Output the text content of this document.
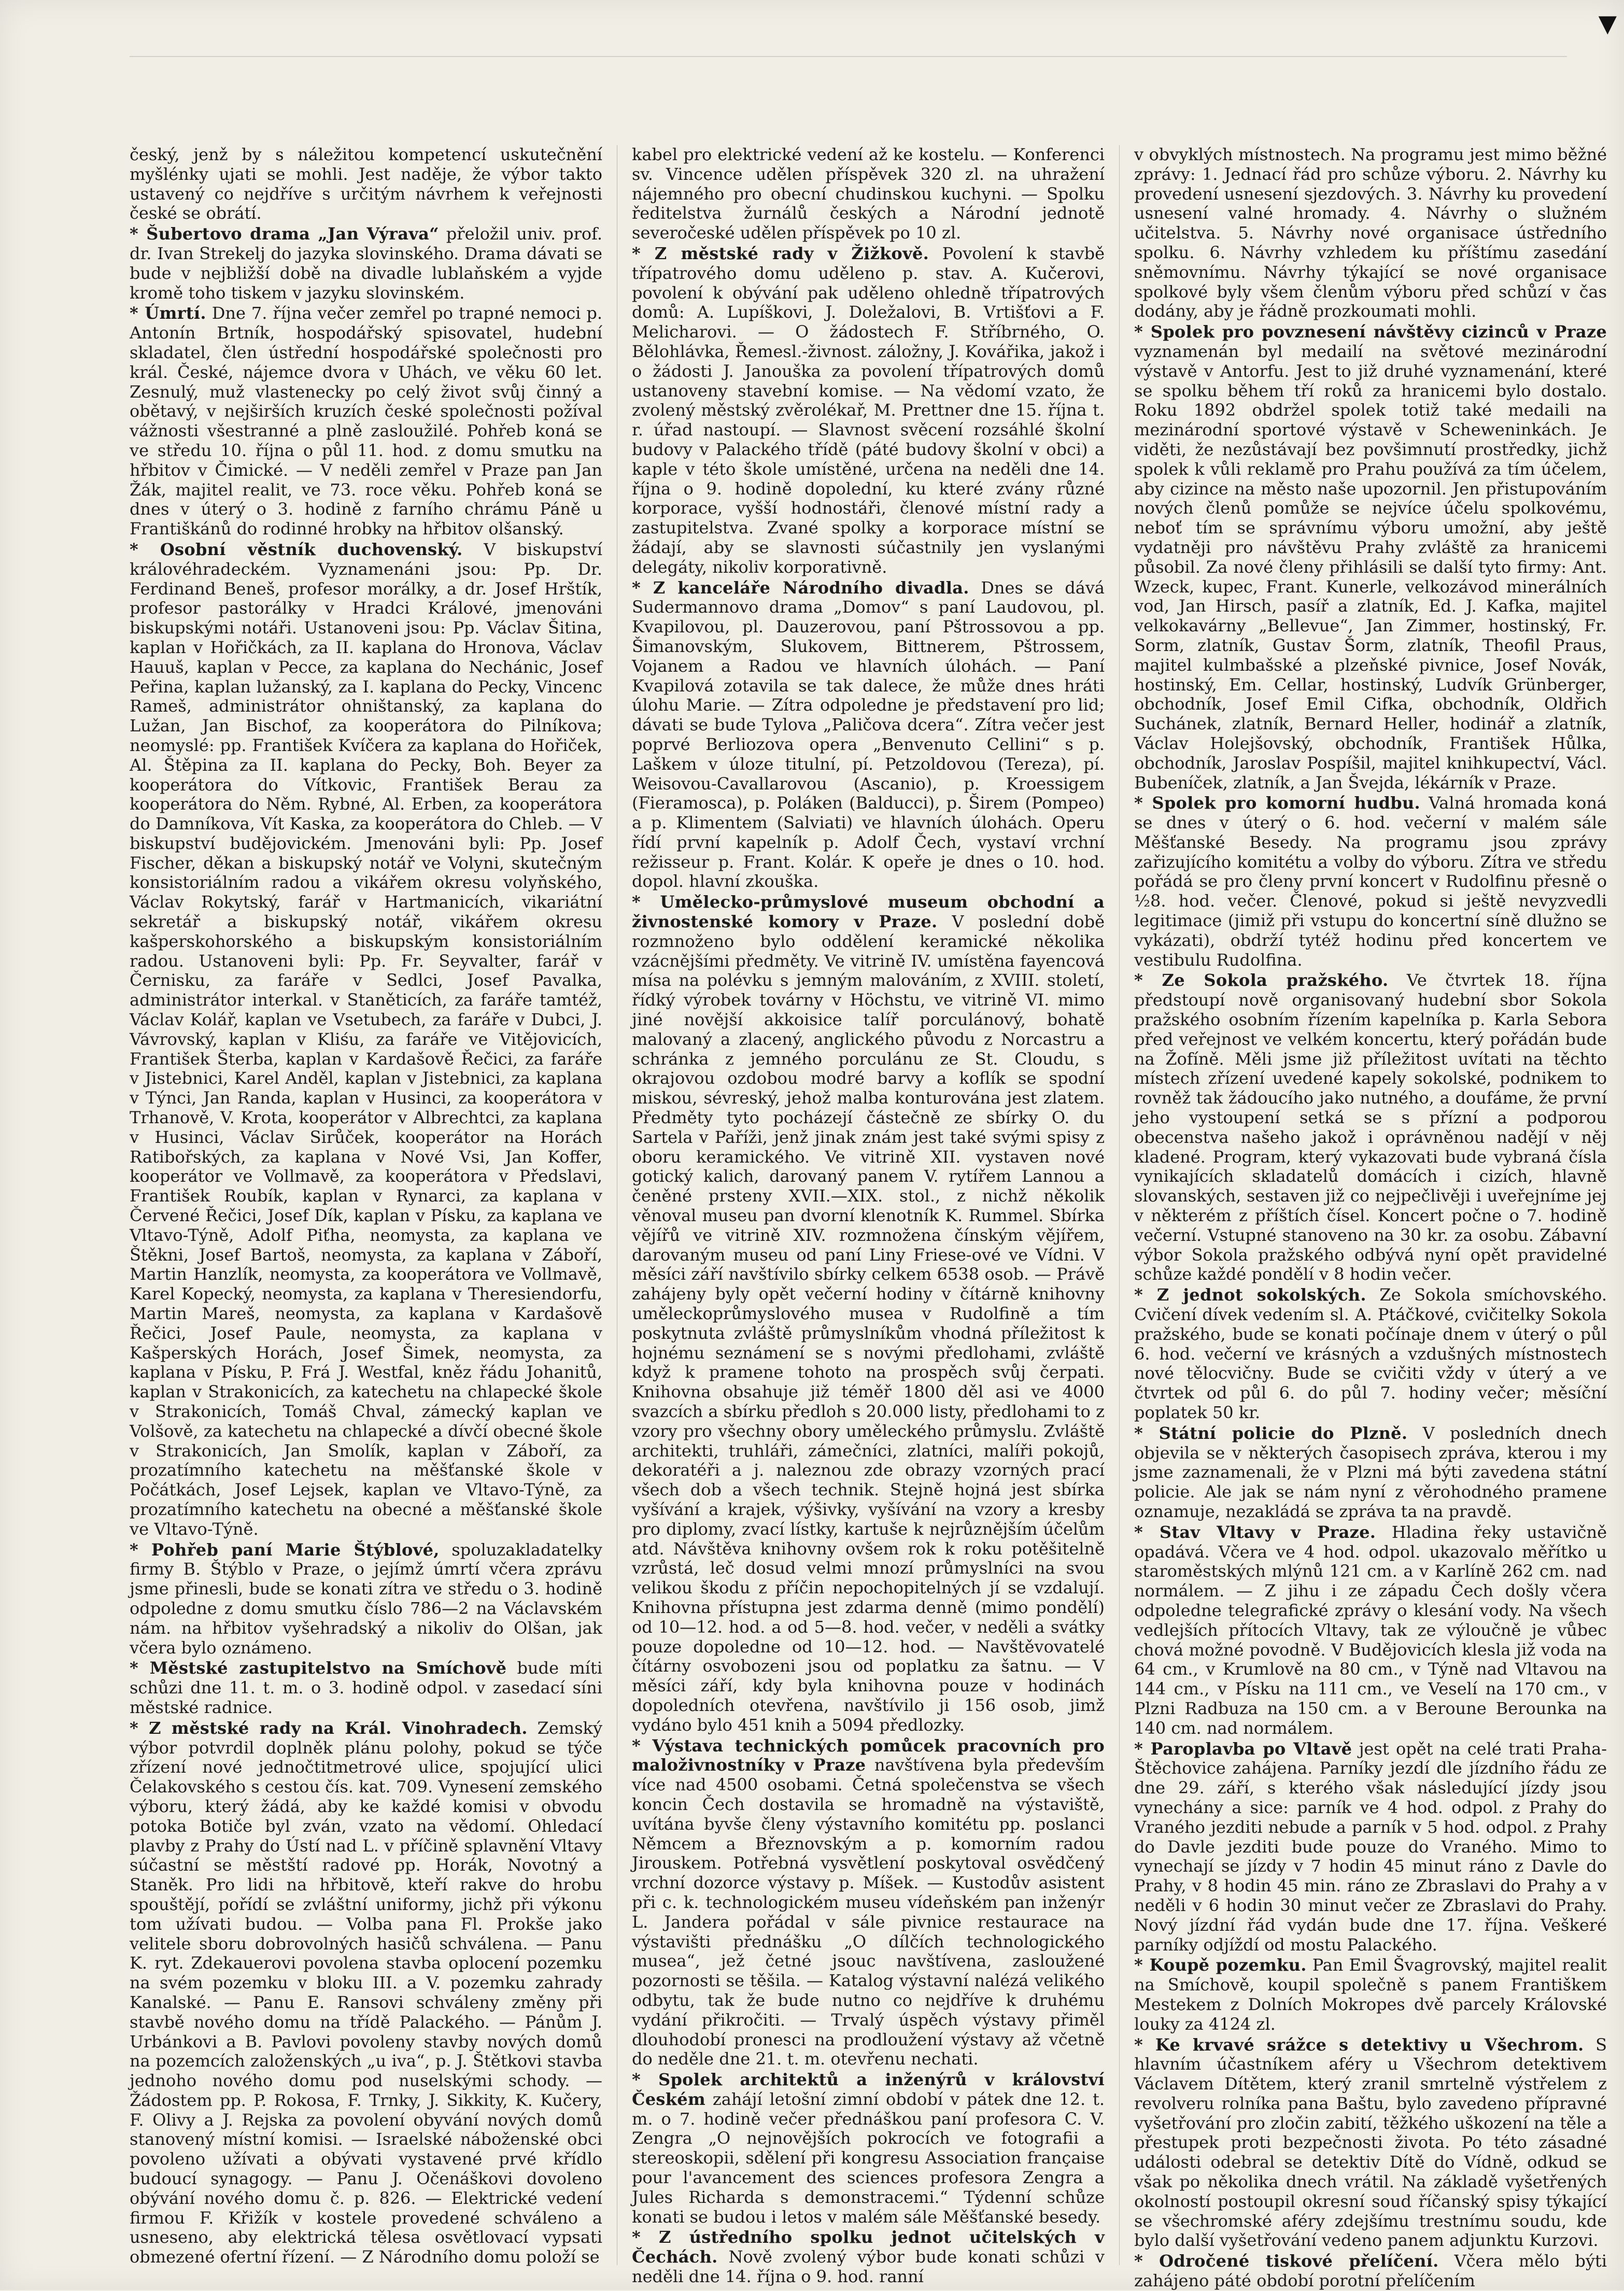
▼

český, jenž by s náležitou kompetencí uskutečnění myšlénky ujati se mohli. Jest naděje, že výbor takto ustavený co nejdříve s určitým návrhem k veřejnosti české se obrátí.

* Šubertovo drama „Jan Výrava“ přeložil univ. prof. dr. Ivan Strekelj do jazyka slovinského. Drama dávati se bude v nejbližší době na divadle lublaňském a vyjde kromě toho tiskem v jazyku slovinském.

* Úmrtí. Dne 7. října večer zemřel po trapné nemoci p. Antonín Brtník, hospodářský spisovatel, hudební skladatel, člen ústřední hospodářské společnosti pro král. České, nájemce dvora v Uhách, ve věku 60 let. Zesnulý, muž vlastenecky po celý život svůj činný a obětavý, v nejširších kruzích české společnosti požíval vážnosti všestranné a plně zasloužilé. Pohřeb koná se ve středu 10. října o půl 11. hod. z domu smutku na hřbitov v Čimické. — V neděli zemřel v Praze pan Jan Žák, majitel realit, ve 73. roce věku. Pohřeb koná se dnes v úterý o 3. hodině z farního chrámu Páně u Františkánů do rodinné hrobky na hřbitov olšanský.

* Osobní věstník duchovenský. V biskupství královéhradeckém. Vyznamenáni jsou: Pp. Dr. Ferdinand Beneš, profesor morálky, a dr. Josef Hrštík, profesor pastorálky v Hradci Králové, jmenováni biskupskými notáři. Ustanoveni jsou: Pp. Václav Šitina, kaplan v Hořičkách, za II. kaplana do Hronova, Václav Hauuš, kaplan v Pecce, za kaplana do Nechánic, Josef Peřina, kaplan lužanský, za I. kaplana do Pecky, Vincenc Rameš, administrátor ohništanský, za kaplana do Lužan, Jan Bischof, za kooperátora do Pilníkova; neomyslé: pp. František Kvíčera za kaplana do Hořiček, Al. Štěpina za II. kaplana do Pecky, Boh. Beyer za kooperátora do Vítkovic, František Berau za kooperátora do Něm. Rybné, Al. Erben, za kooperátora do Damníkova, Vít Kaska, za kooperátora do Chleb. — V biskupství budějovickém. Jmenováni byli: Pp. Josef Fischer, děkan a biskupský notář ve Volyni, skutečným konsistoriálním radou a vikářem okresu volyňského, Václav Rokytský, farář v Hartmanicích, vikariátní sekretář a biskupský notář, vikářem okresu kašperskohorského a biskupským konsistoriálním radou. Ustanoveni byli: Pp. Fr. Seyvalter, farář v Černisku, za faráře v Sedlci, Josef Pavalka, administrátor interkal. v Staněticích, za faráře tamtéž, Václav Kolář, kaplan ve Vsetubech, za faráře v Dubci, J. Vávrovský, kaplan v Kliśu, za faráře ve Vitějovicích, František Šterba, kaplan v Kardašově Řečici, za faráře v Jistebnici, Karel Anděl, kaplan v Jistebnici, za kaplana v Týnci, Jan Randa, kaplan v Husinci, za kooperátora v Trhanově, V. Krota, kooperátor v Albrechtci, za kaplana v Husinci, Václav Sirůček, kooperátor na Horách Ratibořských, za kaplana v Nové Vsi, Jan Koffer, kooperátor ve Vollmavě, za kooperátora v Předslavi, František Roubík, kaplan v Rynarci, za kaplana v Červené Řečici, Josef Dík, kaplan v Písku, za kaplana ve Vltavo-Týně, Adolf Piťha, neomysta, za kaplana ve Štěkni, Josef Bartoš, neomysta, za kaplana v Záboří, Martin Hanzlík, neomysta, za kooperátora ve Vollmavě, Karel Kopecký, neomysta, za kaplana v Theresiendorfu, Martin Mareš, neomysta, za kaplana v Kardašově Řečici, Josef Paule, neomysta, za kaplana v Kašperských Horách, Josef Šimek, neomysta, za kaplana v Písku, P. Frá J. Westfal, kněz řádu Johanitů, kaplan v Strakonicích, za katechetu na chlapecké škole v Strakonicích, Tomáš Chval, zámecký kaplan ve Volšově, za katechetu na chlapecké a dívčí obecné škole v Strakonicích, Jan Smolík, kaplan v Záboří, za prozatímního katechetu na měšťanské škole v Počátkách, Josef Lejsek, kaplan ve Vltavo-Týně, za prozatímního katechetu na obecné a měšťanské škole ve Vltavo-Týně.

* Pohřeb paní Marie Štýblové, spoluzakladatelky firmy B. Štýblo v Praze, o jejímž úmrtí včera zprávu jsme přinesli, bude se konati zítra ve středu o 3. hodině odpoledne z domu smutku číslo 786—2 na Václavském nám. na hřbitov vyšehradský a nikoliv do Olšan, jak včera bylo oznámeno.

* Městské zastupitelstvo na Smíchově bude míti schůzi dne 11. t. m. o 3. hodině odpol. v zasedací síni městské radnice.

* Z městské rady na Král. Vinohradech. Zemský výbor potvrdil doplněk plánu polohy, pokud se týče zřízení nové jednočtitmetrové ulice, spojující ulici Čelakovského s cestou čís. kat. 709. Vynesení zemského výboru, který žádá, aby ke každé komisi v obvodu potoka Botiče byl zván, vzato na vědomí. Ohledací plavby z Prahy do Ústí nad L. v příčině splavnění Vltavy súčastní se městští radové pp. Horák, Novotný a Staněk. Pro lidi na hřbitově, kteří rakve do hrobu spouštějí, pořídí se zvláštní uniformy, jichž při výkonu tom užívati budou. — Volba pana Fl. Prokše jako velitele sboru dobrovolných hasičů schválena. — Panu K. ryt. Zdekauerovi povolena stavba oplocení pozemku na svém pozemku v bloku III. a V. pozemku zahrady Kanalské. — Panu E. Ransovi schváleny změny při stavbě nového domu na třídě Palackého. — Pánům J. Urbánkovi a B. Pavlovi povoleny stavby nových domů na pozemcích založenských „u iva“, p. J. Štětkovi stavba jednoho nového domu pod nuselskými schody. — Žádostem pp. P. Rokosa, F. Trnky, J. Sikkity, K. Kučery, F. Olivy a J. Rejska za povolení obyvání nových domů stanovený místní komisi. — Israelské náboženské obci povoleno užívati a obývati vystavené prvé křídlo budoucí synagogy. — Panu J. Očenáškovi dovoleno obývání nového domu č. p. 826. — Elektrické vedení firmou F. Křižík v kostele provedené schváleno a usneseno, aby elektrická tělesa osvětlovací vypsati obmezené ofertní řízení. — Z Národního domu položí se

kabel pro elektrické vedení až ke kostelu. — Konferenci sv. Vincence udělen příspěvek 320 zl. na uhražení nájemného pro obecní chudinskou kuchyni. — Spolku ředitelstva žurnálů českých a Národní jednotě severočeské udělen příspěvek po 10 zl.

* Z městské rady v Žižkově. Povolení k stavbě třípatrového domu uděleno p. stav. A. Kučerovi, povolení k obývání pak uděleno ohledně třípatrových domů: A. Lupíškovi, J. Doležalovi, B. Vrtišťovi a F. Melicharovi. — O žádostech F. Stříbrného, O. Bělohlávka, Řemesl.-živnost. záložny, J. Kovářika, jakož i o žádosti J. Janouška za povolení třípatrových domů ustanoveny stavební komise. — Na vědomí vzato, že zvolený městský zvěrolékař, M. Prettner dne 15. října t. r. úřad nastoupí. — Slavnost svěcení rozsáhlé školní budovy v Palackého třídě (páté budovy školní v obci) a kaple v této škole umístěné, určena na neděli dne 14. října o 9. hodině dopolední, ku které zvány různé korporace, vyšší hodnostáři, členové místní rady a zastupitelstva. Zvané spolky a korporace místní se žádají, aby se slavnosti súčastnily jen vyslanými delegáty, nikoliv korporativně.

* Z kanceláře Národního divadla. Dnes se dává Sudermannovo drama „Domov“ s paní Laudovou, pl. Kvapilovou, pl. Dauzerovou, paní Pštrossovou a pp. Šimanovským, Slukovem, Bittnerem, Pštrossem, Vojanem a Radou ve hlavních úlohách. — Paní Kvapilová zotavila se tak dalece, že může dnes hráti úlohu Marie. — Zítra odpoledne je představení pro lid; dávati se bude Tylova „Paličova dcera“. Zítra večer jest poprvé Berliozova opera „Benvenuto Cellini“ s p. Laškem v úloze titulní, pí. Petzoldovou (Tereza), pí. Weisovou-Cavallarovou (Ascanio), p. Kroessigem (Fieramosca), p. Poláken (Balducci), p. Širem (Pompeo) a p. Klimentem (Salviati) ve hlavních úlohách. Operu řídí první kapelník p. Adolf Čech, vystaví vrchní režisseur p. Frant. Kolár. K opeře je dnes o 10. hod. dopol. hlavní zkouška.

* Umělecko-průmyslové museum obchodní a živnostenské komory v Praze. V poslední době rozmnoženo bylo oddělení keramické několika vzácnějšími předměty. Ve vitrině IV. umístěna fayencová mísa na polévku s jemným malováním, z XVIII. století, řídký výrobek továrny v Höchstu, ve vitrině VI. mimo jiné novější akkoisice talíř porculánový, bohatě malovaný a zlacený, anglického původu z Norcastru a schránka z jemného porculánu ze St. Cloudu, s okrajovou ozdobou modré barvy a koflík se spodní miskou, sévreský, jehož malba konturována jest zlatem. Předměty tyto pocházejí částečně ze sbírky O. du Sartela v Paříži, jenž jinak znám jest také svými spisy z oboru keramického. Ve vitrině XII. vystaven nové gotický kalich, darovaný panem V. rytířem Lannou a čeněné prsteny XVII.—XIX. stol., z nichž několik věnoval museu pan dvorní klenotník K. Rummel. Sbírka vějířů ve vitrině XIV. rozmnožena čínským vějířem, darovaným museu od paní Liny Friese-ové ve Vídni. V měsíci září navštívilo sbírky celkem 6538 osob. — Právě zahájeny byly opět večerní hodiny v čítárně knihovny uměleckoprůmyslového musea v Rudolfině a tím poskytnuta zvláště průmyslníkům vhodná příležitost k hojnému seznámení se s novými předlohami, zvláště když k pramene tohoto na prospěch svůj čerpati. Knihovna obsahuje již téměř 1800 děl asi ve 4000 svazcích a sbírku předloh s 20.000 listy, předlohami to z vzory pro všechny obory uměleckého průmyslu. Zvláště architekti, truhláři, zámečníci, zlatníci, malíři pokojů, dekoratéři a j. naleznou zde obrazy vzorných prací všech dob a všech technik. Stejně hojná jest sbírka vyšívání a krajek, výšivky, vyšívání na vzory a kresby pro diplomy, zvací lístky, kartuše k nejrůznějším účelům atd. Návštěva knihovny ovšem rok k roku potěšitelně vzrůstá, leč dosud velmi mnozí průmyslníci na svou velikou škodu z příčin nepochopitelných jí se vzdalují. Knihovna přístupna jest zdarma denně (mimo pondělí) od 10—12. hod. a od 5—8. hod. večer, v neděli a svátky pouze dopoledne od 10—12. hod. — Navštěvovatelé čítárny osvobozeni jsou od poplatku za šatnu. — V měsíci září, kdy byla knihovna pouze v hodinách dopoledních otevřena, navštívilo ji 156 osob, jimž vydáno bylo 451 knih a 5094 předlozky.

* Výstava technických pomůcek pracovních pro maloživnostníky v Praze navštívena byla především více nad 4500 osobami. Četná společenstva se všech koncin Čech dostavila se hromadně na výstaviště, uvítána byvše členy výstavního komitétu pp. poslanci Němcem a Březnovským a p. komorním radou Jirouskem. Potřebná vysvětlení poskytoval osvědčený vrchní dozorce výstavy p. Míšek. — Kustodův asistent při c. k. technologickém museu vídeňském pan inženýr L. Jandera pořádal v sále pivnice restaurace na výstavišti přednášku „O dílčích technologického musea“, jež četné jsouc navštívena, zasloužené pozornosti se těšila. — Katalog výstavní nalézá velikého odbytu, tak že bude nutno co nejdříve k druhému vydání přikročiti. — Trvalý úspěch výstavy přiměl dlouhodobí pronesci na prodloužení výstavy až včetně do neděle dne 21. t. m. otevřenu nechati.

* Spolek architektů a inženýrů v království Českém zahájí letošní zimní období v pátek dne 12. t. m. o 7. hodině večer přednáškou paní profesora C. V. Zengra „O nejnovějších pokrocích ve fotografii a stereoskopii, sdělení při kongresu Association française pour l'avancement des sciences profesora Zengra a Jules Richarda s demonstracemi.“ Týdenní schůze konati se budou i letos v malém sále Měšťanské besedy.

* Z ústředního spolku jednot učitelských v Čechách. Nově zvolený výbor bude konati schůzi v neděli dne 14. října o 9. hod. ranní

v obvyklých místnostech. Na programu jest mimo běžné zprávy: 1. Jednací řád pro schůze výboru. 2. Návrhy ku provedení usnesení sjezdových. 3. Návrhy ku provedení usnesení valné hromady. 4. Návrhy o služném učitelstva. 5. Návrhy nové organisace ústředního spolku. 6. Návrhy vzhledem ku příštímu zasedání sněmovnímu. Návrhy týkající se nové organisace spolkové byly všem členům výboru před schůzí v čas dodány, aby je řádně prozkoumati mohli.

* Spolek pro povznesení návštěvy cizinců v Praze vyznamenán byl medailí na světové mezinárodní výstavě v Antorfu. Jest to již druhé vyznamenání, které se spolku během tří roků za hranicemi bylo dostalo. Roku 1892 obdržel spolek totiž také medaili na mezinárodní sportové výstavě v Scheweninkách. Je viděti, že nezůstávají bez povšimnutí prostředky, jichž spolek k vůli reklamě pro Prahu používá za tím účelem, aby cizince na město naše upozornil. Jen přistupováním nových členů pomůže se nejvíce účelu spolkovému, neboť tím se správnímu výboru umožní, aby ještě vydatněji pro návštěvu Prahy zvláště za hranicemi působil. Za nové členy přihlásili se další tyto firmy: Ant. Wzeck, kupec, Frant. Kunerle, velkozávod minerálních vod, Jan Hirsch, pasíř a zlatník, Ed. J. Kafka, majitel velkokavárny „Bellevue“, Jan Zimmer, hostinský, Fr. Sorm, zlatník, Gustav Šorm, zlatník, Theofil Praus, majitel kulmbašské a plzeňské pivnice, Josef Novák, hostinský, Em. Cellar, hostinský, Ludvík Grünberger, obchodník, Josef Emil Cifka, obchodník, Oldřich Suchánek, zlatník, Bernard Heller, hodinář a zlatník, Václav Holejšovský, obchodník, František Hůlka, obchodník, Jaroslav Pospíšil, majitel knihkupectví, Václ. Bubeníček, zlatník, a Jan Švejda, lékárník v Praze.

* Spolek pro komorní hudbu. Valná hromada koná se dnes v úterý o 6. hod. večerní v malém sále Měšťanské Besedy. Na programu jsou zprávy zařizujícího komitétu a volby do výboru. Zítra ve středu pořádá se pro členy první koncert v Rudolfinu přesně o ½8. hod. večer. Členové, pokud si ještě nevyzvedli legitimace (jimiž při vstupu do koncertní síně dlužno se vykázati), obdrží tytéž hodinu před koncertem ve vestibulu Rudolfina.

* Ze Sokola pražského. Ve čtvrtek 18. října předstoupí nově organisovaný hudební sbor Sokola pražského osobním řízením kapelníka p. Karla Sebora před veřejnost ve velkém koncertu, který pořádán bude na Žofíně. Měli jsme již příležitost uvítati na těchto místech zřízení uvedené kapely sokolské, podnikem to rovněž tak žádoucího jako nutného, a doufáme, že první jeho vystoupení setká se s přízní a podporou obecenstva našeho jakož i oprávněnou nadějí v něj kladené. Program, který vykazovati bude vybraná čísla vynikajících skladatelů domácích i cizích, hlavně slovanských, sestaven již co nejpečlivěji i uveřejníme jej v některém z příštích čísel. Koncert počne o 7. hodině večerní. Vstupné stanoveno na 30 kr. za osobu. Zábavní výbor Sokola pražského odbývá nyní opět pravidelné schůze každé pondělí v 8 hodin večer.

* Z jednot sokolských. Ze Sokola smíchovského. Cvičení dívek vedením sl. A. Ptáčkové, cvičitelky Sokola pražského, bude se konati počínaje dnem v úterý o půl 6. hod. večerní ve krásných a vzdušných místnostech nové tělocvičny. Bude se cvičiti vždy v úterý a ve čtvrtek od půl 6. do půl 7. hodiny večer; měsíční poplatek 50 kr.

* Státní policie do Plzně. V posledních dnech objevila se v některých časopisech zpráva, kterou i my jsme zaznamenali, že v Plzni má býti zavedena státní policie. Ale jak se nám nyní z věrohodného pramene oznamuje, nezakládá se zpráva ta na pravdě.

* Stav Vltavy v Praze. Hladina řeky ustavičně opadává. Včera ve 4 hod. odpol. ukazovalo měřítko u staroměstských mlýnů 121 cm. a v Karlíně 262 cm. nad normálem. — Z jihu i ze západu Čech došly včera odpoledne telegrafické zprávy o klesání vody. Na všech vedlejších přítocích Vltavy, tak ze výloučně je vůbec chová možné povodně. V Budějovicích klesla již voda na 64 cm., v Krumlově na 80 cm., v Týně nad Vltavou na 144 cm., v Písku na 111 cm., ve Veselí na 170 cm., v Plzni Radbuza na 150 cm. a v Beroune Berounka na 140 cm. nad normálem.

* Paroplavba po Vltavě jest opět na celé trati Praha-Štěchovice zahájena. Parníky jezdí dle jízdního řádu ze dne 29. září, s kterého však následující jízdy jsou vynechány a sice: parník ve 4 hod. odpol. z Prahy do Vraného jezditi nebude a parník v 5 hod. odpol. z Prahy do Davle jezditi bude pouze do Vraného. Mimo to vynechají se jízdy v 7 hodin 45 minut ráno z Davle do Prahy, v 8 hodin 45 min. ráno ze Zbraslavi do Prahy a v neděli v 6 hodin 30 minut večer ze Zbraslavi do Prahy. Nový jízdní řád vydán bude dne 17. října. Veškeré parníky odjíždí od mostu Palackého.

* Koupě pozemku. Pan Emil Švagrovský, majitel realit na Smíchově, koupil společně s panem Františkem Mestekem z Dolních Mokropes dvě parcely Královské louky za 4124 zl.

* Ke krvavé srážce s detektivy u Všechrom. S hlavním účastníkem aféry u Všechrom detektivem Václavem Dítětem, který zranil smrtelně výstřelem z revolveru rolníka pana Baštu, bylo zavedeno přípravné vyšetřování pro zločin zabití, těžkého uškození na těle a přestupek proti bezpečnosti života. Po této zásadné události odebral se detektiv Dítě do Vídně, odkud se však po několika dnech vrátil. Na základě vyšetřených okolností postoupil okresní soud říčanský spisy týkající se všechromské aféry zdejšímu trestnímu soudu, kde bylo další vyšetřování vedeno panem adjunktu Kurzovi.

* Odročené tiskové přelíčení. Včera mělo býti zahájeno páté období porotní přelíčením
